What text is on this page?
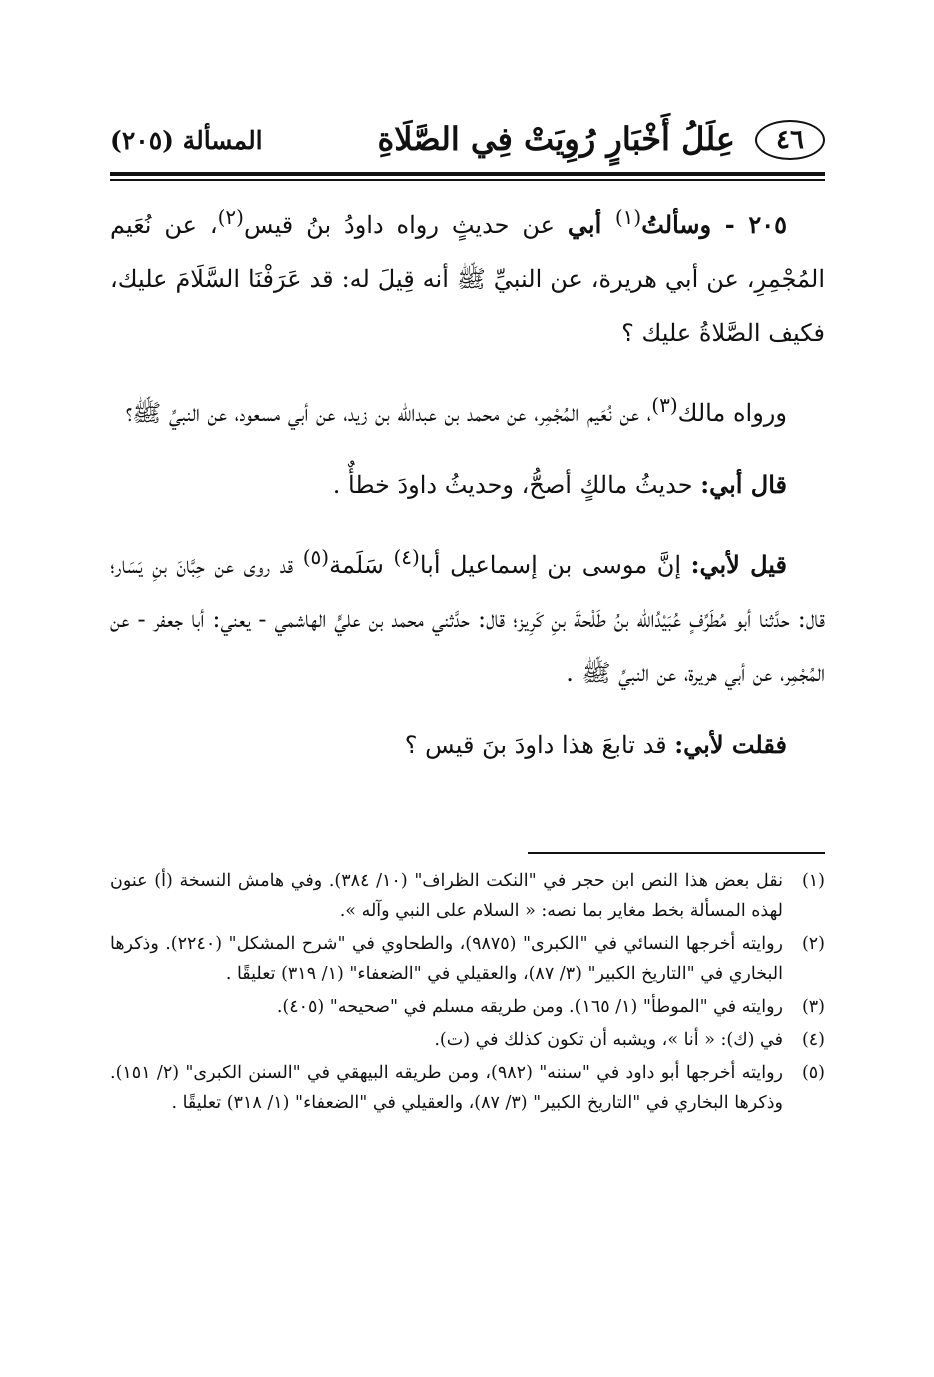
٤٦
عِلَلُ أَخْبَارٍ رُوِيَتْ فِي الصَّلَاةِ
المسألة (٢٠٥)

٢٠٥ - وسألتُ$^{(١)}$ أبي عن حديثٍ رواه داودُ بنُ قيس$^{(٢)}$، عن نُعَيم المُجْمِرِ، عن أبي هريرة، عن النبيِّ ﷺ أنه قِيلَ له: قد عَرَفْنَا السَّلَامَ عليك، فكيف الصَّلاةُ عليك ؟

ورواه مالك$^{(٣)}$، عن نُعَيم المُجْمِر، عن محمد بن عبدالله بن زيد، عن أبي مسعود، عن النبيِّ ﷺ؟

قال أبي: حديثُ مالكٍ أصحُّ، وحديثُ داودَ خطأٌ .

قيل لأبي: إنَّ موسى بن إسماعيل أبا$^{(٤)}$ سَلَمة$^{(٥)}$ قد روى عن حِبَّانَ بنِ يَسَار؛ قال: حدَّثنا أبو مُطَرِّفٍ عُبَيْدُالله بنُ طَلْحةَ بنِ كَرِيز؛ قال: حدَّثني محمد بن عليٍّ الهاشمي - يعني: أبا جعفر - عن المُجْمِر، عن أبي هريرة، عن النبيِّ ﷺ .

فقلت لأبي: قد تابعَ هذا داودَ بنَ قيس ؟

(١)
نقل بعض هذا النص ابن حجر في "النكت الظراف" (١٠/ ٣٨٤). وفي هامش النسخة (أ) عنون لهذه المسألة بخط مغاير بما نصه: « السلام على النبي وآله ».
(٢)
روايته أخرجها النسائي في "الكبرى" (٩٨٧٥)، والطحاوي في "شرح المشكل" (٢٢٤٠). وذكرها البخاري في "التاريخ الكبير" (٣/ ٨٧)، والعقيلي في "الضعفاء" (١/ ٣١٩) تعليقًا .
(٣)
روايته في "الموطأ" (١/ ١٦٥). ومن طريقه مسلم في "صحيحه" (٤٠٥).
(٤)
في (ك): « أنا »، ويشبه أن تكون كذلك في (ت).
(٥)
روايته أخرجها أبو داود في "سننه" (٩٨٢)، ومن طريقه البيهقي في "السنن الكبرى" (٢/ ١٥١). وذكرها البخاري في "التاريخ الكبير" (٣/ ٨٧)، والعقيلي في "الضعفاء" (١/ ٣١٨) تعليقًا .
